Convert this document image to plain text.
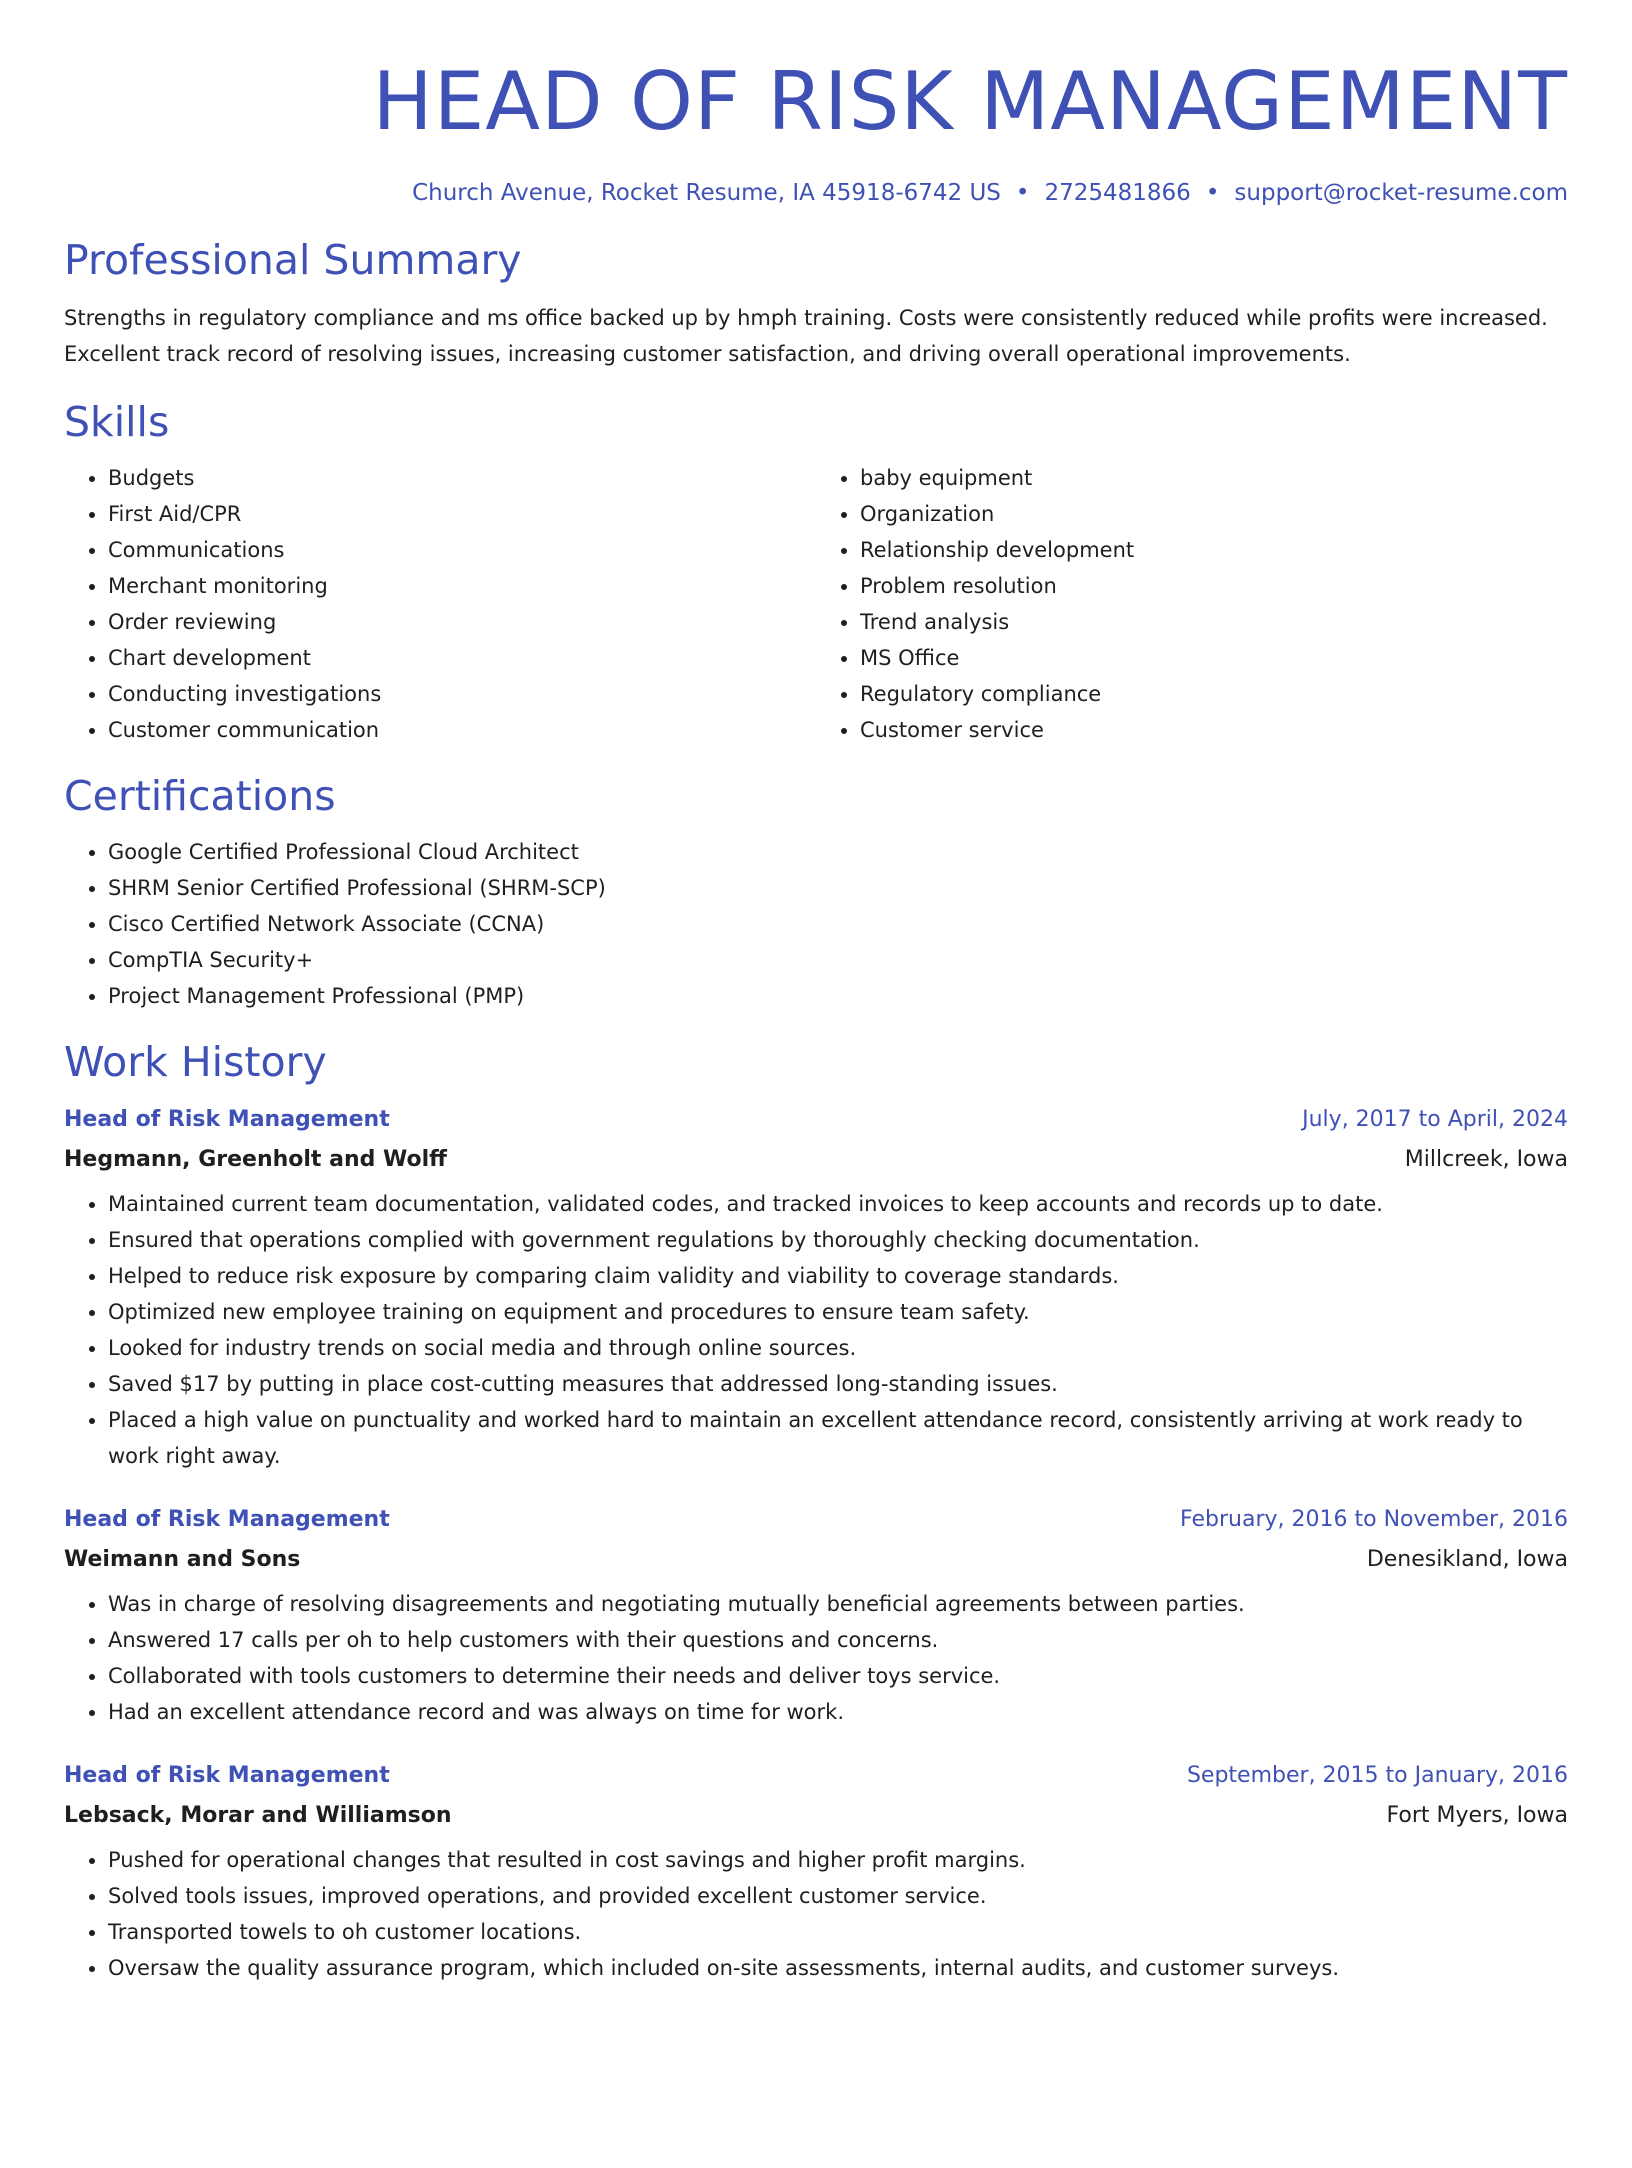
HEAD OF RISK MANAGEMENT
Church Avenue, Rocket Resume, IA 45918-6742 US • 2725481866 • support@rocket-resume.com
Professional Summary

Strengths in regulatory compliance and ms office backed up by hmph training. Costs were consistently reduced while profits were increased. Excellent track record of resolving issues, increasing customer satisfaction, and driving overall operational improvements.

Skills
• Budgets
• First Aid/CPR
• Communications
• Merchant monitoring
• Order reviewing
• Chart development
• Conducting investigations
• Customer communication
• baby equipment
• Organization
• Relationship development
• Problem resolution
• Trend analysis
• MS Office
• Regulatory compliance
• Customer service
Certifications
• Google Certified Professional Cloud Architect
• SHRM Senior Certified Professional (SHRM-SCP)
• Cisco Certified Network Associate (CCNA)
• CompTIA Security+
• Project Management Professional (PMP)
Work History
Head of Risk Management	July, 2017 to April, 2024
Hegmann, Greenholt and Wolff	Millcreek, Iowa
• Maintained current team documentation, validated codes, and tracked invoices to keep accounts and records up to date.
• Ensured that operations complied with government regulations by thoroughly checking documentation.
• Helped to reduce risk exposure by comparing claim validity and viability to coverage standards.
• Optimized new employee training on equipment and procedures to ensure team safety.
• Looked for industry trends on social media and through online sources.
• Saved $17 by putting in place cost-cutting measures that addressed long-standing issues.
• Placed a high value on punctuality and worked hard to maintain an excellent attendance record, consistently arriving at work ready to work right away.
Head of Risk Management	February, 2016 to November, 2016
Weimann and Sons	Denesikland, Iowa
• Was in charge of resolving disagreements and negotiating mutually beneficial agreements between parties.
• Answered 17 calls per oh to help customers with their questions and concerns.
• Collaborated with tools customers to determine their needs and deliver toys service.
• Had an excellent attendance record and was always on time for work.
Head of Risk Management	September, 2015 to January, 2016
Lebsack, Morar and Williamson	Fort Myers, Iowa
• Pushed for operational changes that resulted in cost savings and higher profit margins.
• Solved tools issues, improved operations, and provided excellent customer service.
• Transported towels to oh customer locations.
• Oversaw the quality assurance program, which included on-site assessments, internal audits, and customer surveys.
